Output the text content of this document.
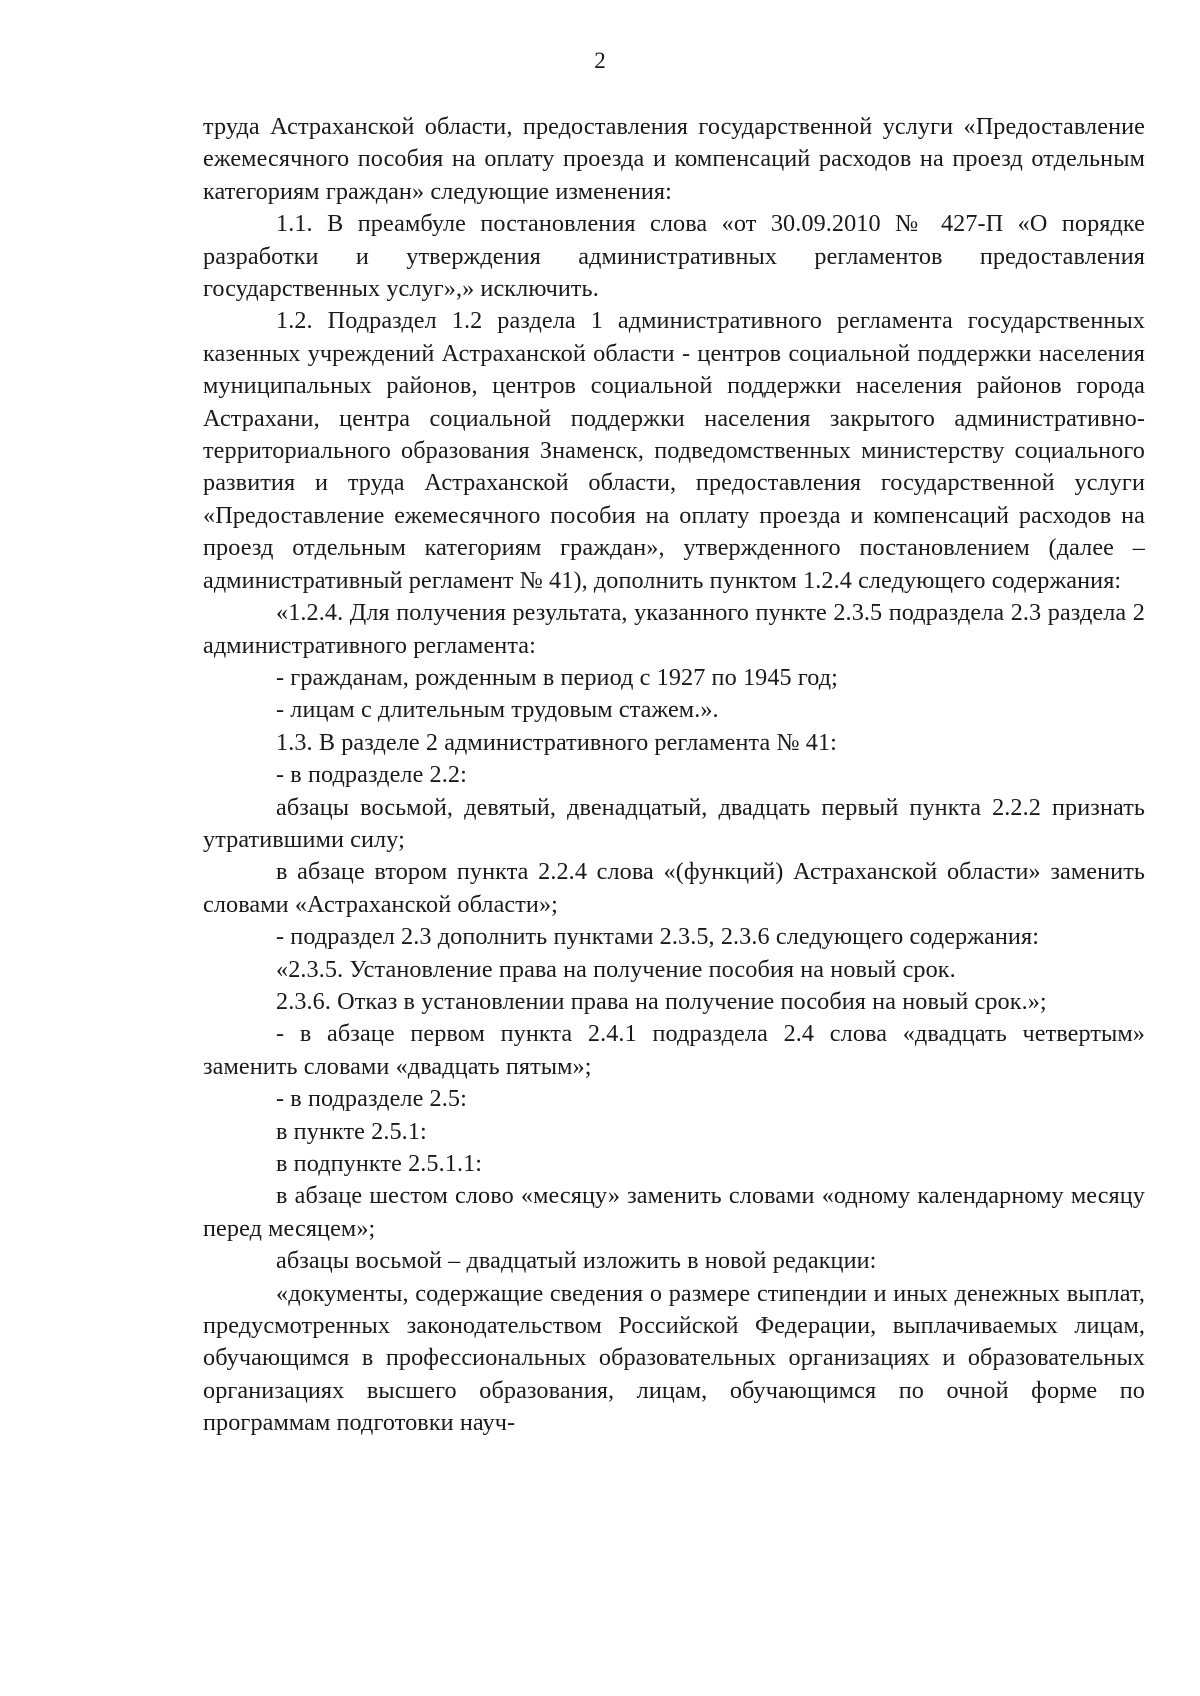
2

труда Астраханской области, предоставления государственной услуги «Предоставление ежемесячного пособия на оплату проезда и компенсаций расходов на проезд отдельным категориям граждан» следующие изменения:

1.1. В преамбуле постановления слова «от 30.09.2010 № 427-П «О порядке разработки и утверждения административных регламентов предоставления государственных услуг»,» исключить.

1.2. Подраздел 1.2 раздела 1 административного регламента государственных казенных учреждений Астраханской области - центров социальной поддержки населения муниципальных районов, центров социальной поддержки населения районов города Астрахани, центра социальной поддержки населения закрытого административно-территориального образования Знаменск, подведомственных министерству социального развития и труда Астраханской области, предоставления государственной услуги «Предоставление ежемесячного пособия на оплату проезда и компенсаций расходов на проезд отдельным категориям граждан», утвержденного постановлением (далее – административный регламент № 41), дополнить пунктом 1.2.4 следующего содержания:

«1.2.4. Для получения результата, указанного пункте 2.3.5 подраздела 2.3 раздела 2 административного регламента:

- гражданам, рожденным в период с 1927 по 1945 год;

- лицам с длительным трудовым стажем.».

1.3. В разделе 2 административного регламента № 41:

- в подразделе 2.2:

абзацы восьмой, девятый, двенадцатый, двадцать первый пункта 2.2.2 признать утратившими силу;

в абзаце втором пункта 2.2.4 слова «(функций) Астраханской области» заменить словами «Астраханской области»;

- подраздел 2.3 дополнить пунктами 2.3.5, 2.3.6 следующего содержания:

«2.3.5. Установление права на получение пособия на новый срок.

2.3.6. Отказ в установлении права на получение пособия на новый срок.»;

- в абзаце первом пункта 2.4.1 подраздела 2.4 слова «двадцать четвертым» заменить словами «двадцать пятым»;

- в подразделе 2.5:

в пункте 2.5.1:

в подпункте 2.5.1.1:

в абзаце шестом слово «месяцу» заменить словами «одному календарному месяцу перед месяцем»;

абзацы восьмой – двадцатый изложить в новой редакции:

«документы, содержащие сведения о размере стипендии и иных денежных выплат, предусмотренных законодательством Российской Федерации, выплачиваемых лицам, обучающимся в профессиональных образовательных организациях и образовательных организациях высшего образования, лицам, обучающимся по очной форме по программам подготовки науч-
